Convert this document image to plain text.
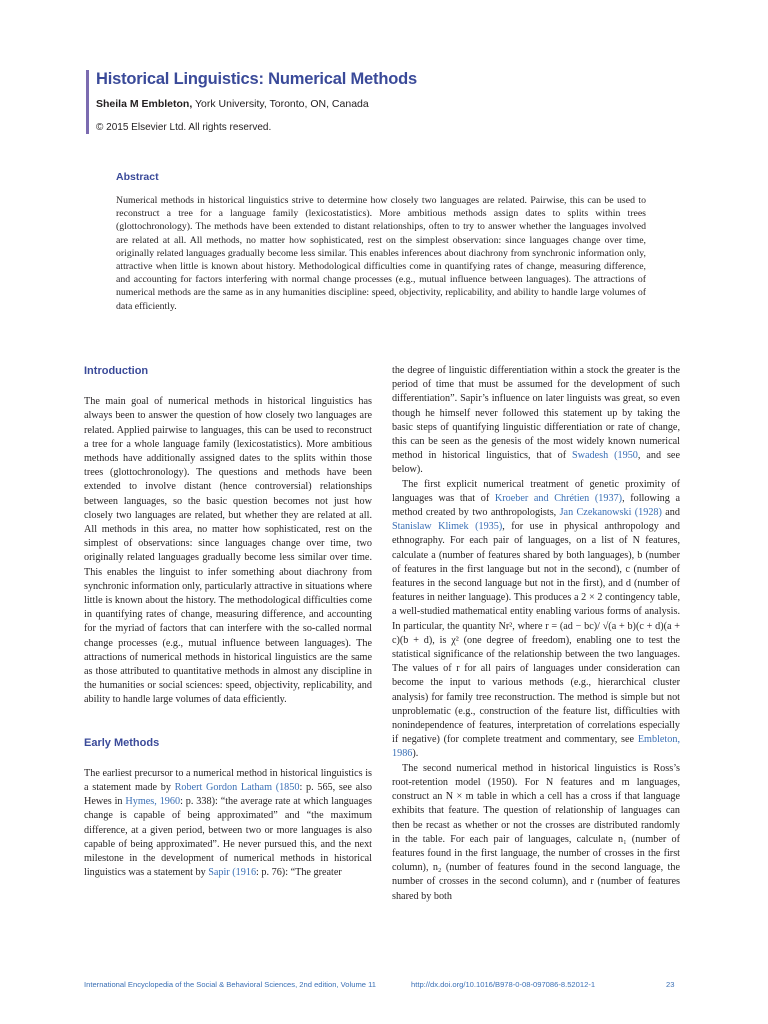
Historical Linguistics: Numerical Methods
Sheila M Embleton, York University, Toronto, ON, Canada
© 2015 Elsevier Ltd. All rights reserved.
Abstract
Numerical methods in historical linguistics strive to determine how closely two languages are related. Pairwise, this can be used to reconstruct a tree for a language family (lexicostatistics). More ambitious methods assign dates to splits within trees (glottochronology). The methods have been extended to distant relationships, often to try to answer whether the languages involved are related at all. All methods, no matter how sophisticated, rest on the simplest observation: since languages change over time, originally related languages gradually become less similar. This enables inferences about diachrony from synchronic information only, attractive when little is known about history. Methodological difficulties come in quantifying rates of change, measuring difference, and accounting for factors interfering with normal change processes (e.g., mutual influence between languages). The attractions of numerical methods are the same as in any humanities discipline: speed, objectivity, replicability, and ability to handle large volumes of data efficiently.
Introduction

The main goal of numerical methods in historical linguistics has always been to answer the question of how closely two languages are related. Applied pairwise to languages, this can be used to reconstruct a tree for a whole language family (lexicostatistics). More ambitious methods have additionally assigned dates to the splits within those trees (glottochronology). The questions and methods have been extended to involve distant (hence controversial) relationships between languages, so the basic question becomes not just how closely two languages are related, but whether they are related at all. All methods in this area, no matter how sophisticated, rest on the simplest of observations: since languages change over time, two originally related languages gradually become less similar over time. This enables the linguist to infer something about diachrony from synchronic information only, particularly attractive in situations where little is known about the history. The methodological difficulties come in quantifying rates of change, measuring difference, and accounting for the myriad of factors that can interfere with the so-called normal change processes (e.g., mutual influence between languages). The attractions of numerical methods in historical linguistics are the same as those attributed to quantitative methods in almost any discipline in the humanities or social sciences: speed, objectivity, replicability, and ability to handle large volumes of data efficiently.

Early Methods

The earliest precursor to a numerical method in historical linguistics is a statement made by Robert Gordon Latham (1850: p. 565, see also Hewes in Hymes, 1960: p. 338): “the average rate at which languages change is capable of being approximated” and “the maximum difference, at a given period, between two or more languages is also capable of being approximated”. He never pursued this, and the next milestone in the development of numerical methods in historical linguistics was a statement by Sapir (1916: p. 76): “The greater

the degree of linguistic differentiation within a stock the greater is the period of time that must be assumed for the development of such differentiation”. Sapir’s influence on later linguists was great, so even though he himself never followed this statement up by taking the basic steps of quantifying linguistic differentiation or rate of change, this can be seen as the genesis of the most widely known numerical method in historical linguistics, that of Swadesh (1950, and see below).

The first explicit numerical treatment of genetic proximity of languages was that of Kroeber and Chrétien (1937), following a method created by two anthropologists, Jan Czekanowski (1928) and Stanislaw Klimek (1935), for use in physical anthropology and ethnography. For each pair of languages, on a list of N features, calculate a (number of features shared by both languages), b (number of features in the first language but not in the second), c (number of features in the second language but not in the first), and d (number of features in neither language). This produces a 2 × 2 contingency table, a well-studied mathematical entity enabling various forms of analysis. In particular, the quantity Nr², where r = (ad − bc)/ √(a + b)(c + d)(a + c)(b + d), is χ² (one degree of freedom), enabling one to test the statistical significance of the relationship between the two languages. The values of r for all pairs of languages under consideration can become the input to various methods (e.g., hierarchical cluster analysis) for family tree reconstruction. The method is simple but not unproblematic (e.g., construction of the feature list, difficulties with nonindependence of features, interpretation of correlations especially if negative) (for complete treatment and commentary, see Embleton, 1986).

The second numerical method in historical linguistics is Ross’s root-retention model (1950). For N features and m languages, construct an N × m table in which a cell has a cross if that language exhibits that feature. The question of relationship of languages can then be recast as whether or not the crosses are distributed randomly in the table. For each pair of languages, calculate n₁ (number of features found in the first language, the number of crosses in the first column), n₂ (number of features found in the second language, the number of crosses in the second column), and r (number of features shared by both

International Encyclopedia of the Social & Behavioral Sciences, 2nd edition, Volume 11	http://dx.doi.org/10.1016/B978-0-08-097086-8.52012-1	23
